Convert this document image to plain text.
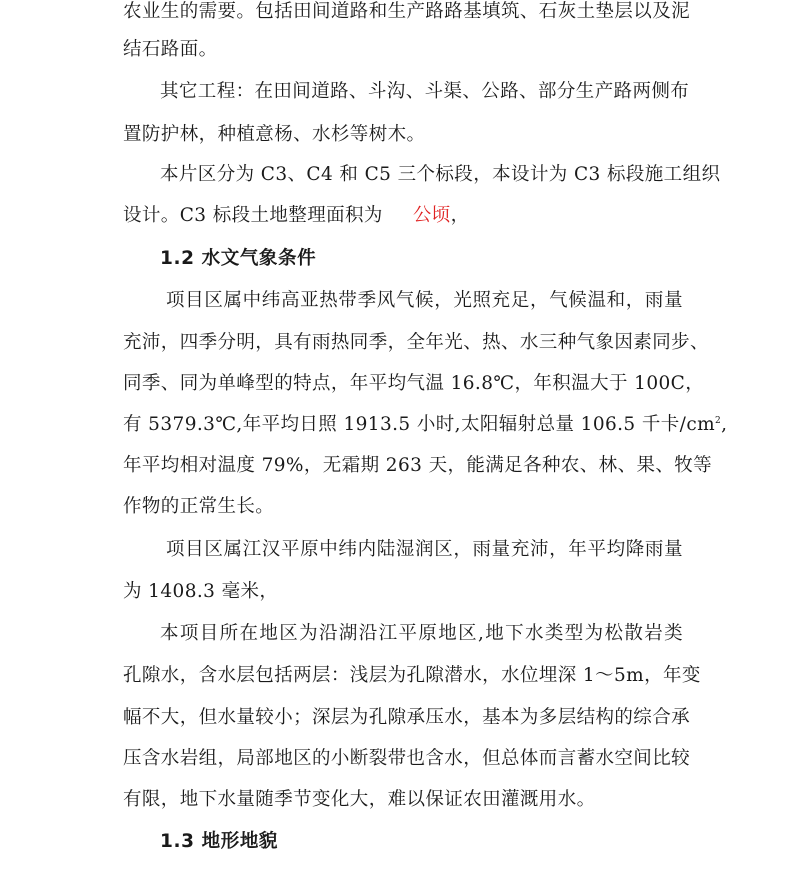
农业生的需要。包括田间道路和生产路路基填筑、石灰土垫层以及泥
结石路面。
其它工程：在田间道路、斗沟、斗渠、公路、部分生产路两侧布
置防护林，种植意杨、水杉等树木。
本片区分为 C3、C4 和 C5 三个标段，本设计为 C3 标段施工组织
设计。C3 标段土地整理面积为 公顷，
1.2 水文气象条件
项目区属中纬高亚热带季风气候，光照充足，气候温和，雨量
充沛，四季分明，具有雨热同季，全年光、热、水三种气象因素同步、
同季、同为单峰型的特点，年平均气温 16.8℃，年积温大于 100C，
有 5379.3℃,年平均日照 1913.5 小时,太阳辐射总量 106.5 千卡$/cm^2$,
年平均相对温度 79%，无霜期 263 天，能满足各种农、林、果、牧等
作物的正常生长。
项目区属江汉平原中纬内陆湿润区，雨量充沛，年平均降雨量
为 1408.3 毫米，
本项目所在地区为沿湖沿江平原地区,地下水类型为松散岩类
孔隙水，含水层包括两层：浅层为孔隙潜水，水位埋深 1～5m，年变
幅不大，但水量较小；深层为孔隙承压水，基本为多层结构的综合承
压含水岩组，局部地区的小断裂带也含水，但总体而言蓄水空间比较
有限，地下水量随季节变化大，难以保证农田灌溉用水。
1.3 地形地貌
